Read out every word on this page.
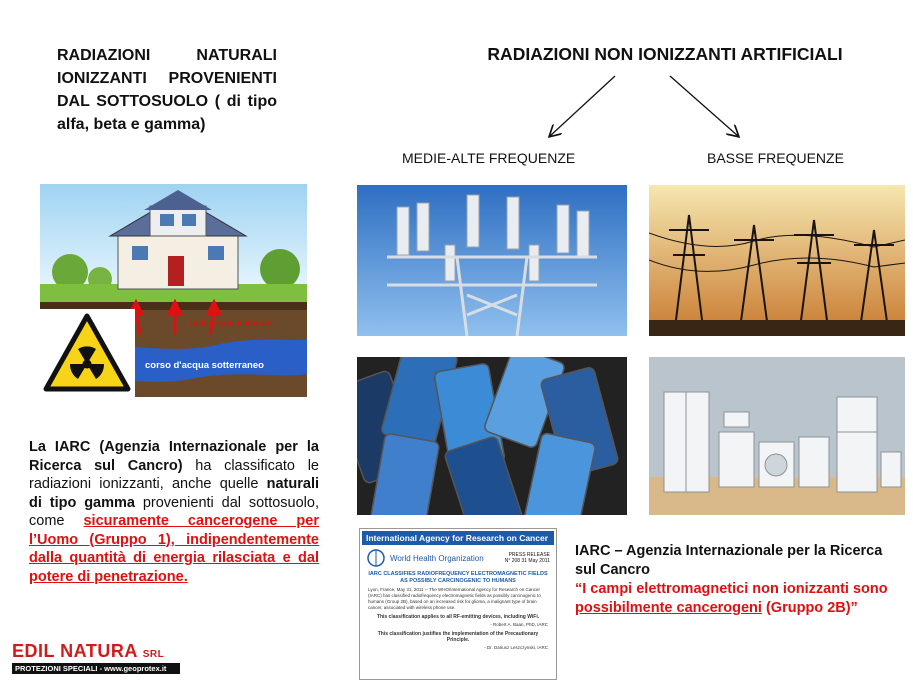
RADIAZIONI NATURALI IONIZZANTI PROVENIENTI DAL SOTTOSUOLO ( di tipo alfa, beta e gamma)
RADIAZIONI NON IONIZZANTI ARTIFICIALI
MEDIE-ALTE FREQUENZE	BASSE FREQUENZE
radiazione naturale
corso d'acqua sotterraneo
La IARC (Agenzia Internazionale per la Ricerca sul Cancro) ha classificato le radiazioni ionizzanti, anche quelle naturali di tipo gamma provenienti dal sottosuolo, come sicuramente cancerogene per l’Uomo (Gruppo 1), indipendentemente dalla quantità di energia rilasciata e dal potere di penetrazione.
International Agency for Research on Cancer
World Health Organization	PRESS RELEASE
N° 208 31 May 2011
IARC CLASSIFIES RADIOFREQUENCY ELECTROMAGNETIC FIELDS AS POSSIBLY CARCINOGENIC TO HUMANS
Lyon, France, May 31, 2011 -- The WHO/International Agency for Research on Cancer (IARC) has classified radiofrequency electromagnetic fields as possibly carcinogenic to humans (Group 2B), based on an increased risk for glioma, a malignant type of brain cancer, associated with wireless phone use.
This classification applies to all RF-emitting devices, including WiFi.
- Robert A. Baan, PhD, IARC
This classification justifies the implementation of the Precautionary Principle.
- Dr. Dariusz Leszczynski, IARC
IARC – Agenzia Internazionale per la Ricerca sul Cancro
“I campi elettromagnetici non ionizzanti sono possibilmente cancerogeni (Gruppo 2B)”
EDIL NATURA SRL
PROTEZIONI SPECIALI - www.geoprotex.it
